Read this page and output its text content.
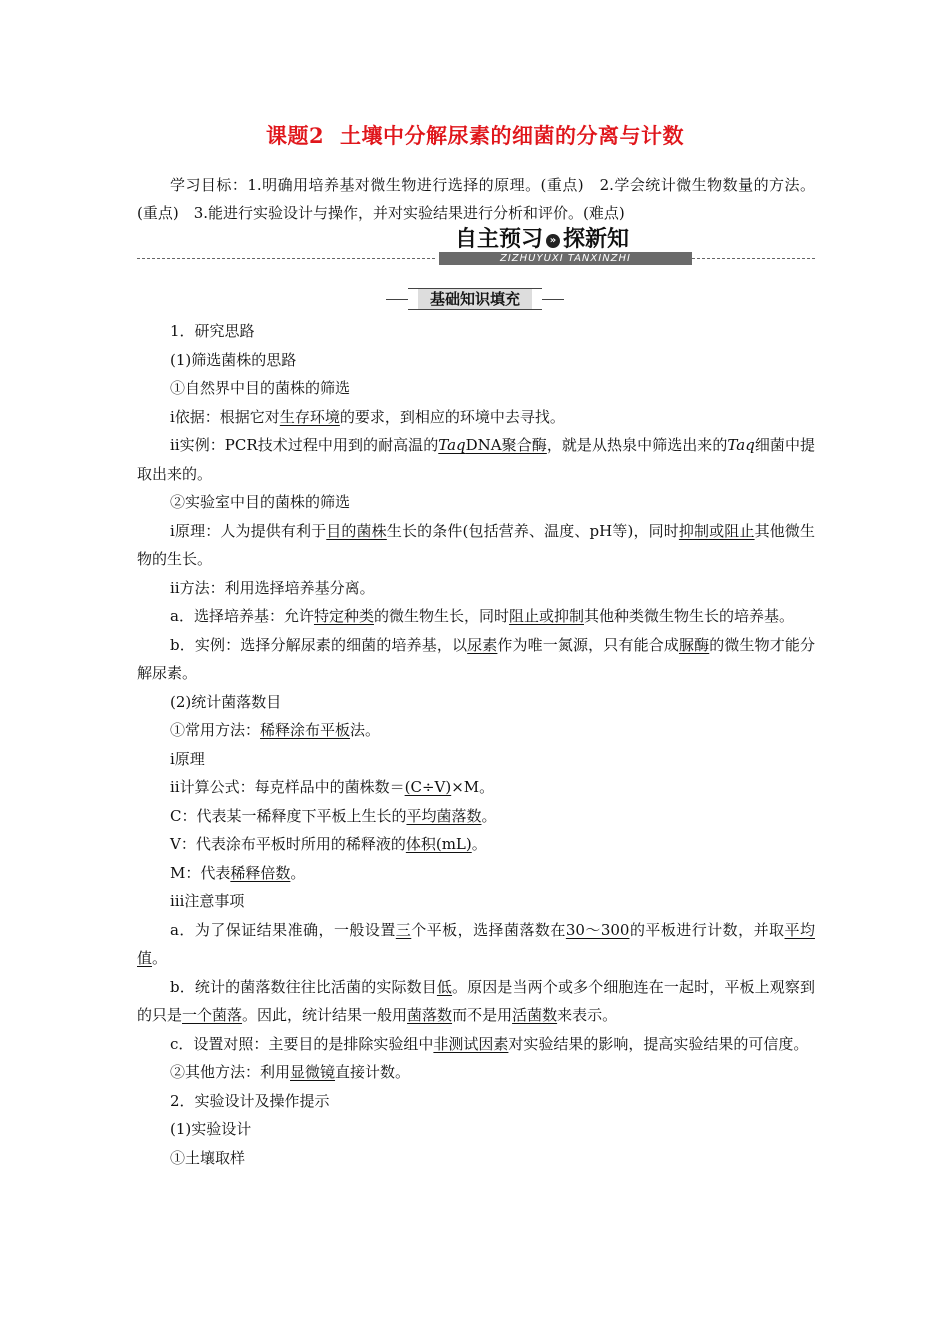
课题2 土壤中分解尿素的细菌的分离与计数

学习目标：1.明确用培养基对微生物进行选择的原理。(重点)　2.学会统计微生物数量的方法。(重点)　3.能进行实验设计与操作，并对实验结果进行分析和评价。(难点)

自主预习 » 探新知
ZIZHUYUXI TANXINZHI
基础知识填充

1．研究思路

(1)筛选菌株的思路

①自然界中目的菌株的筛选

ⅰ依据：根据它对生存环境的要求，到相应的环境中去寻找。

ⅱ实例：PCR技术过程中用到的耐高温的TaqDNA聚合酶，就是从热泉中筛选出来的Taq细菌中提取出来的。

②实验室中目的菌株的筛选

ⅰ原理：人为提供有利于目的菌株生长的条件(包括营养、温度、pH等)，同时抑制或阻止其他微生物的生长。

ⅱ方法：利用选择培养基分离。

a．选择培养基：允许特定种类的微生物生长，同时阻止或抑制其他种类微生物生长的培养基。

b．实例：选择分解尿素的细菌的培养基，以尿素作为唯一氮源，只有能合成脲酶的微生物才能分解尿素。

(2)统计菌落数目

①常用方法：稀释涂布平板法。

ⅰ原理

ⅱ计算公式：每克样品中的菌株数＝(C÷V)×M。

C：代表某一稀释度下平板上生长的平均菌落数。

V：代表涂布平板时所用的稀释液的体积(mL)。

M：代表稀释倍数。

ⅲ注意事项

a．为了保证结果准确，一般设置三个平板，选择菌落数在30～300的平板进行计数，并取平均值。

b．统计的菌落数往往比活菌的实际数目低。原因是当两个或多个细胞连在一起时，平板上观察到的只是一个菌落。因此，统计结果一般用菌落数而不是用活菌数来表示。

c．设置对照：主要目的是排除实验组中非测试因素对实验结果的影响，提高实验结果的可信度。

②其他方法：利用显微镜直接计数。

2．实验设计及操作提示

(1)实验设计

①土壤取样
